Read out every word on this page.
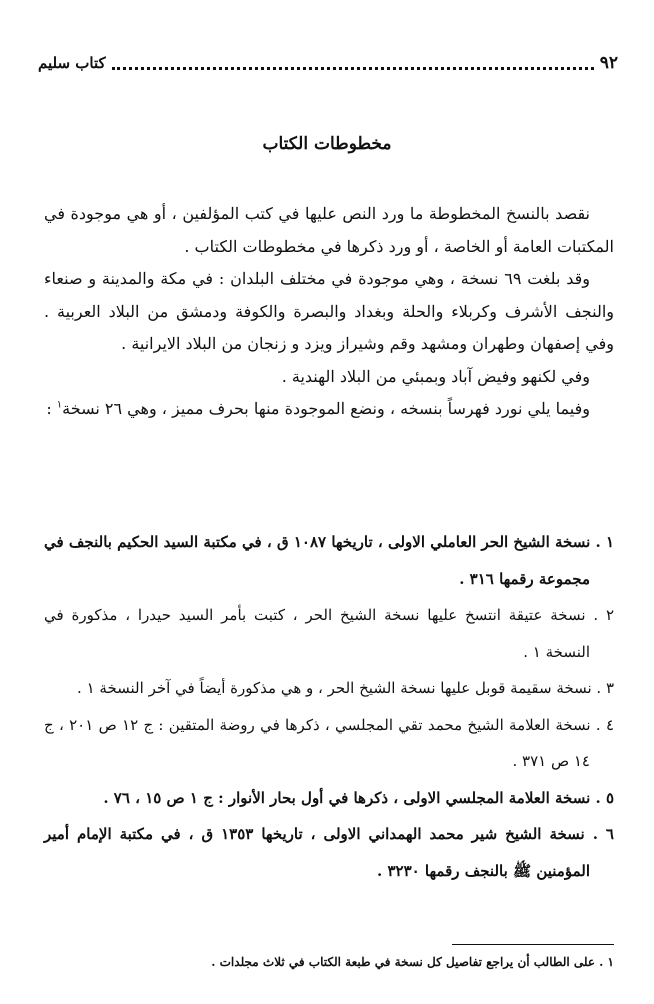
٩٢
كتاب سليم
مخطوطات الكتاب

نقصد بالنسخ المخطوطة ما ورد النص عليها في كتب المؤلفين ، أو هي موجودة في المكتبات العامة أو الخاصة ، أو ورد ذكرها في مخطوطات الكتاب .

وقد بلغت ٦٩ نسخة ، وهي موجودة في مختلف البلدان : في مكة والمدينة و صنعاء والنجف الأشرف وكربلاء والحلة وبغداد والبصرة والكوفة ودمشق من البلاد العربية . وفي إصفهان وطهران ومشهد وقم وشيراز ويزد و زنجان من البلاد الايرانية .

وفي لكنهو وفيض آباد وبمبئي من البلاد الهندية .

وفيما يلي نورد فهرساً بنسخه ، ونضع الموجودة منها بحرف مميز ، وهي ٢٦ نسخة$^١$ :

١ . نسخة الشيخ الحر العاملي الاولى ، تاريخها ١٠٨٧ ق ، في مكتبة السيد الحكيم بالنجف في مجموعة رقمها ٣١٦ .
٢ . نسخة عتيقة انتسخ عليها نسخة الشيخ الحر ، كتبت بأمر السيد حيدرا ، مذكورة في النسخة ١ .
٣ . نسخة سقيمة قوبل عليها نسخة الشيخ الحر ، و هي مذكورة أيضاً في آخر النسخة ١ .
٤ . نسخة العلامة الشيخ محمد تقي المجلسي ، ذكرها في روضة المتقين : ج ١٢ ص ٢٠١ ، ج ١٤ ص ٣٧١ .
٥ . نسخة العلامة المجلسي الاولى ، ذكرها في أول بحار الأنوار : ج ١ ص ١٥ ، ٧٦ .
٦ . نسخة الشيخ شير محمد الهمداني الاولى ، تاريخها ١٣٥٣ ق ، في مكتبة الإمام أمير المؤمنين ﷺ بالنجف رقمها ٣٢٣٠ .
١ . على الطالب أن يراجع تفاصيل كل نسخة في طبعة الكتاب في ثلاث مجلدات .
